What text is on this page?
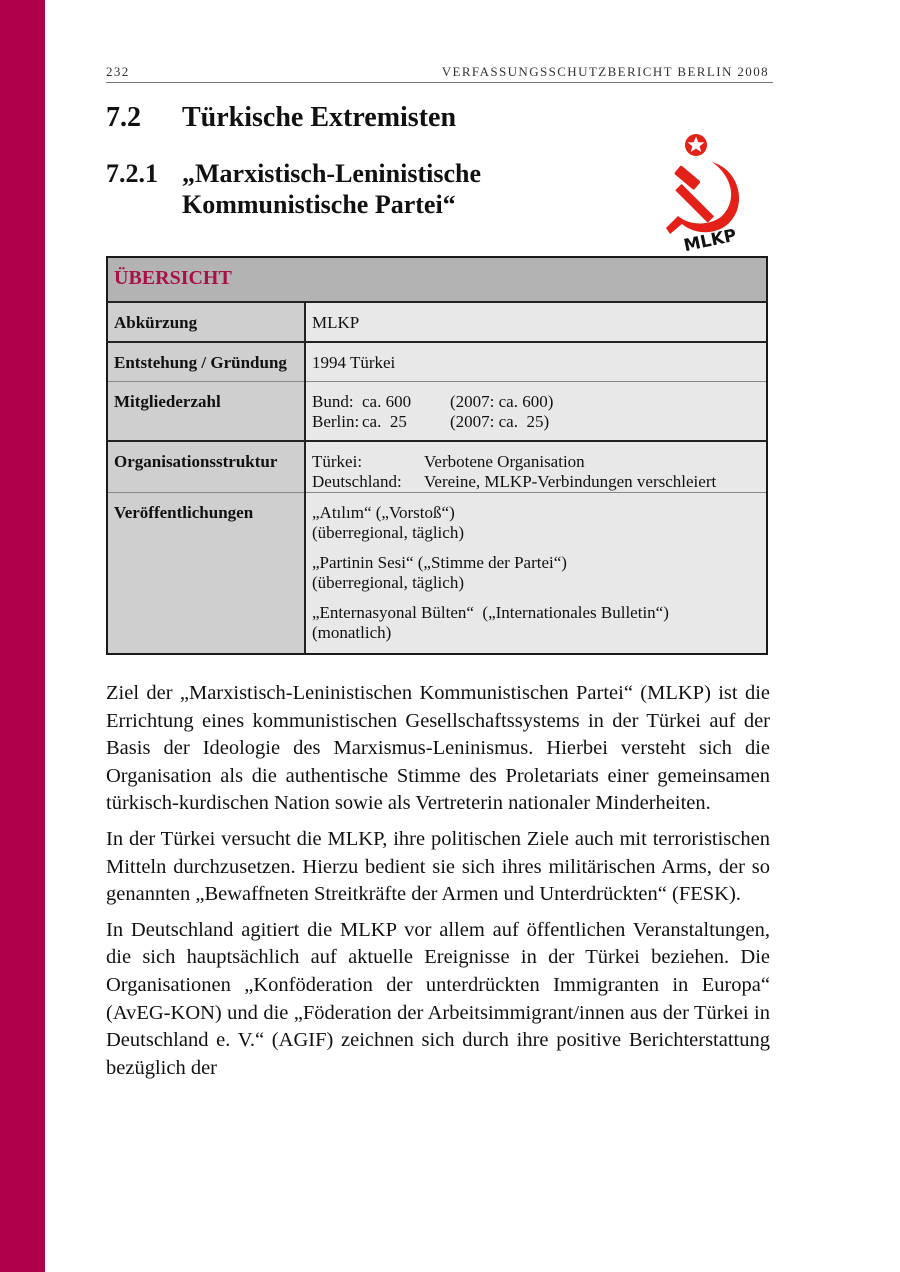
232	VERFASSUNGSSCHUTZBERICHT BERLIN 2008
7.2 Türkische Extremisten
7.2.1 „Marxistisch-Leninistische
Kommunistische Partei“
MLKP
ÜBERSICHT	

Abkürzung	MLKP
Entstehung / Gründung	1994 Türkei
Mitgliederzahl	Bund: ca. 600	(2007: ca. 600)
Berlin: ca.  25	(2007: ca.  25)

Organisationsstruktur	Türkei: Verbotene Organisation
Deutschland: Vereine, MLKP-Verbindungen verschleiert

Veröffentlichungen	„Atılım“ („Vorstoß“)
(überregional, täglich)
„Partinin Sesi“ („Stimme der Partei“)
(überregional, täglich)
„Enternasyonal Bülten“  („Internationales Bulletin“)
(monatlich)

Ziel der „Marxistisch-Leninistischen Kommunistischen Partei“ (MLKP) ist die Errichtung eines kommunistischen Gesellschaftssystems in der Türkei auf der Basis der Ideologie des Marxismus-Leninismus. Hierbei versteht sich die Organisation als die authentische Stimme des Proletariats einer gemeinsamen türkisch-kurdischen Nation sowie als Vertreterin nationaler Minderheiten.

In der Türkei versucht die MLKP, ihre politischen Ziele auch mit terroristischen Mitteln durchzusetzen. Hierzu bedient sie sich ihres militärischen Arms, der so genannten „Bewaffneten Streitkräfte der Armen und Unterdrückten“ (FESK).

In Deutschland agitiert die MLKP vor allem auf öffentlichen Veranstaltungen, die sich hauptsächlich auf aktuelle Ereignisse in der Türkei beziehen. Die Organisationen „Konföderation der unterdrückten Immigranten in Europa“ (AvEG-KON) und die „Föderation der Arbeitsimmigrant/innen aus der Türkei in Deutschland e. V.“ (AGIF) zeichnen sich durch ihre positive Berichterstattung bezüglich der
